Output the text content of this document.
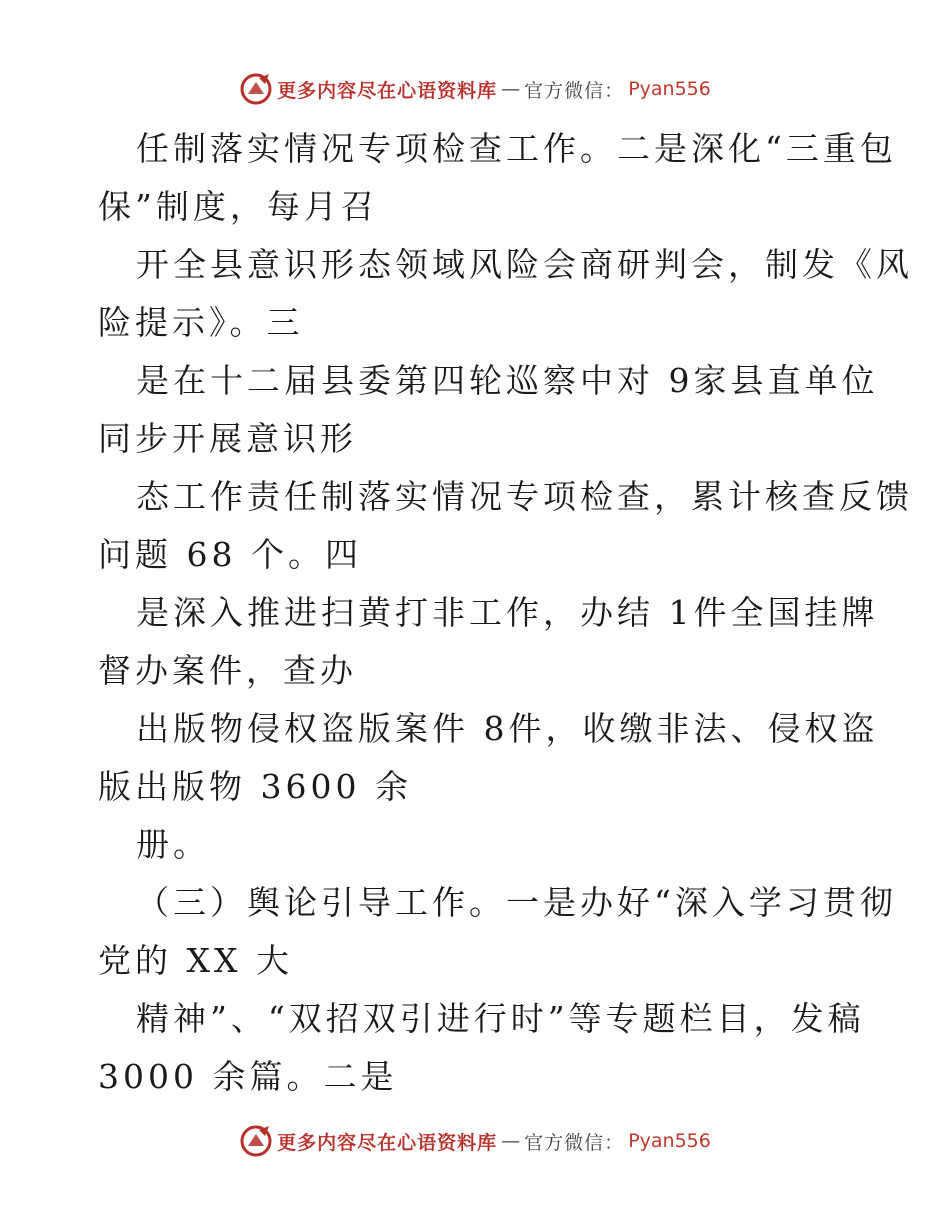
更多内容尽在心语资料库 — 官方微信： Pyan556
任制落实情况专项检查工作。二是深化“三重包
保”制度，每月召
开全县意识形态领域风险会商研判会，制发《风
险提示》。三
是在十二届县委第四轮巡察中对 9家县直单位
同步开展意识形
态工作责任制落实情况专项检查，累计核查反馈
问题 68 个。四
是深入推进扫黄打非工作，办结 1件全国挂牌
督办案件，查办
出版物侵权盗版案件 8件，收缴非法、侵权盗
版出版物 3600 余
册。
（三）舆论引导工作。一是办好“深入学习贯彻
党的 XX 大
精神”、“双招双引进行时”等专题栏目，发稿
3000 余篇。二是
更多内容尽在心语资料库 — 官方微信： Pyan556
